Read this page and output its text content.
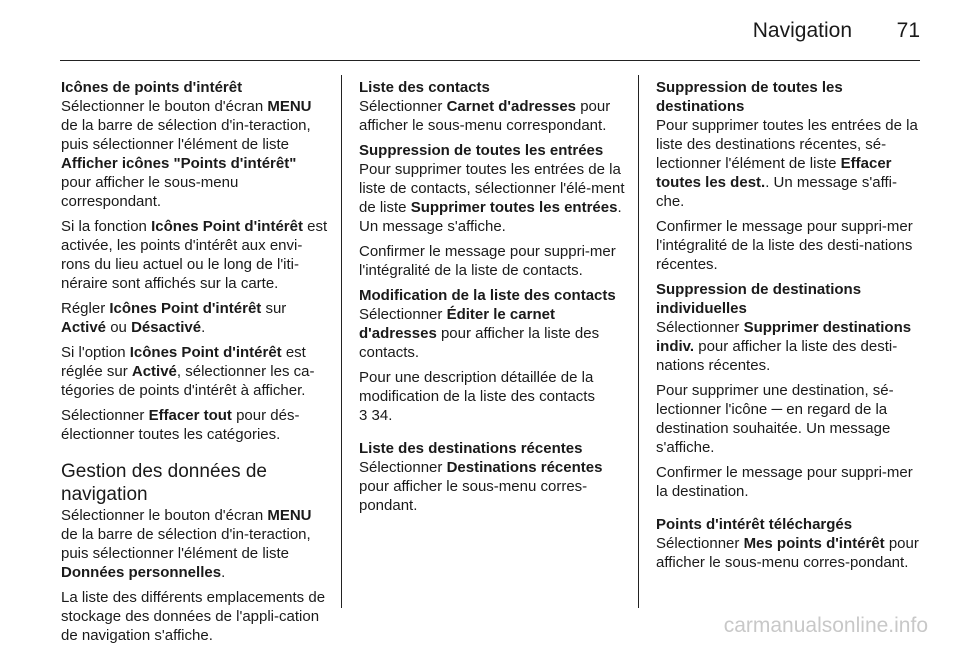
Navigation 71
Icônes de points d'intérêt

Sélectionner le bouton d'écran MENU de la barre de sélection d'in-teraction, puis sélectionner l'élément de liste Afficher icônes "Points d'intérêt" pour afficher le sous-menu correspondant.

Si la fonction Icônes Point d'intérêt est activée, les points d'intérêt aux envi-rons du lieu actuel ou le long de l'iti-néraire sont affichés sur la carte.

Régler Icônes Point d'intérêt sur Activé ou Désactivé.

Si l'option Icônes Point d'intérêt est réglée sur Activé, sélectionner les ca-tégories de points d'intérêt à afficher.

Sélectionner Effacer tout pour dés-électionner toutes les catégories.

Gestion des données de navigation

Sélectionner le bouton d'écran MENU de la barre de sélection d'in-teraction, puis sélectionner l'élément de liste Données personnelles.

La liste des différents emplacements de stockage des données de l'appli-cation de navigation s'affiche.

Liste des contacts

Sélectionner Carnet d'adresses pour afficher le sous-menu correspondant.

Suppression de toutes les entrées

Pour supprimer toutes les entrées de la liste de contacts, sélectionner l'élé-ment de liste Supprimer toutes les entrées. Un message s'affiche.

Confirmer le message pour suppri-mer l'intégralité de la liste de contacts.

Modification de la liste des contacts

Sélectionner Éditer le carnet d'adresses pour afficher la liste des contacts.

Pour une description détaillée de la modification de la liste des contacts
3 34.

Liste des destinations récentes

Sélectionner Destinations récentes pour afficher le sous-menu corres-pondant.

Suppression de toutes les destinations

Pour supprimer toutes les entrées de la liste des destinations récentes, sé-lectionner l'élément de liste Effacer toutes les dest.. Un message s'affi-che.

Confirmer le message pour suppri-mer l'intégralité de la liste des desti-nations récentes.

Suppression de destinations individuelles

Sélectionner Supprimer destinations indiv. pour afficher la liste des desti-nations récentes.

Pour supprimer une destination, sé-lectionner l'icône ─ en regard de la destination souhaitée. Un message s'affiche.

Confirmer le message pour suppri-mer la destination.

Points d'intérêt téléchargés

Sélectionner Mes points d'intérêt pour afficher le sous-menu corres-pondant.

carmanualsonline.info
